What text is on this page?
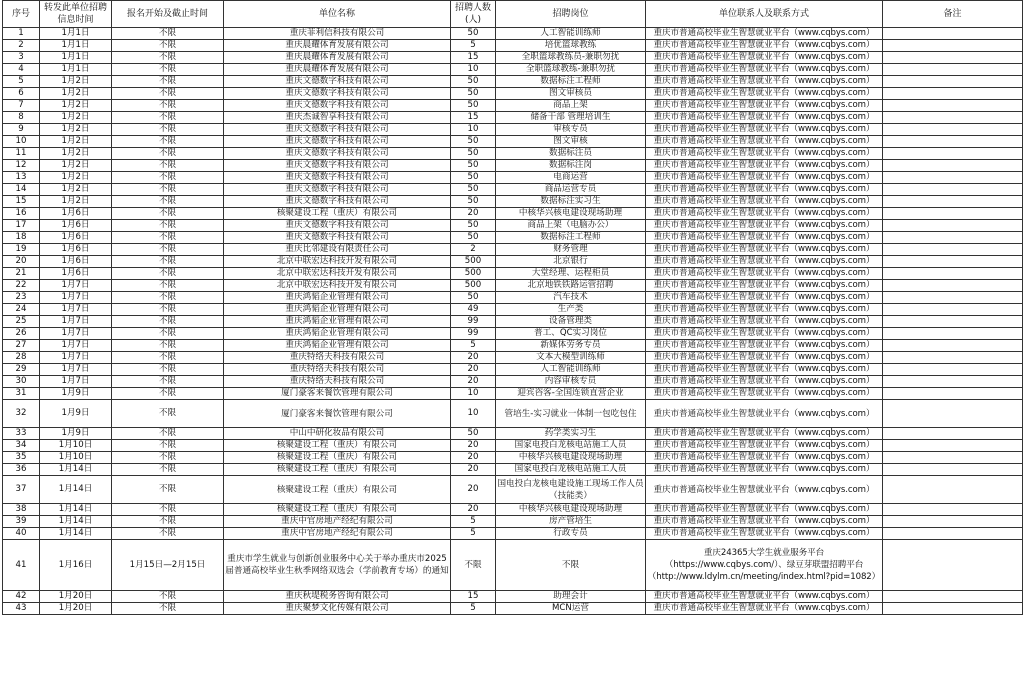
序号	转发此单位招聘信息时间	报名开始及截止时间	单位名称	招聘人数(人)	招聘岗位	单位联系人及联系方式	备注
1	1月1日	不限	重庆菲利信科技有限公司	50	人工智能训练师	重庆市普通高校毕业生智慧就业平台（www.cqbys.com）	
2	1月1日	不限	重庆晨耀体育发展有限公司	5	培优篮球教练	重庆市普通高校毕业生智慧就业平台（www.cqbys.com）	
3	1月1日	不限	重庆晨耀体育发展有限公司	15	全职篮球教练员-兼职勿扰	重庆市普通高校毕业生智慧就业平台（www.cqbys.com）	
4	1月1日	不限	重庆晨耀体育发展有限公司	10	全职篮球教练-兼职勿扰	重庆市普通高校毕业生智慧就业平台（www.cqbys.com）	
5	1月2日	不限	重庆文德数字科技有限公司	50	数据标注工程师	重庆市普通高校毕业生智慧就业平台（www.cqbys.com）	
6	1月2日	不限	重庆文德数字科技有限公司	50	图文审核员	重庆市普通高校毕业生智慧就业平台（www.cqbys.com）	
7	1月2日	不限	重庆文德数字科技有限公司	50	商品上架	重庆市普通高校毕业生智慧就业平台（www.cqbys.com）	
8	1月2日	不限	重庆杰诚智享科技有限公司	15	储备干部 管理培训生	重庆市普通高校毕业生智慧就业平台（www.cqbys.com）	
9	1月2日	不限	重庆文德数字科技有限公司	10	审核专员	重庆市普通高校毕业生智慧就业平台（www.cqbys.com）	
10	1月2日	不限	重庆文德数字科技有限公司	50	图文审核	重庆市普通高校毕业生智慧就业平台（www.cqbys.com）	
11	1月2日	不限	重庆文德数字科技有限公司	50	数据标注员	重庆市普通高校毕业生智慧就业平台（www.cqbys.com）	
12	1月2日	不限	重庆文德数字科技有限公司	50	数据标注岗	重庆市普通高校毕业生智慧就业平台（www.cqbys.com）	
13	1月2日	不限	重庆文德数字科技有限公司	50	电商运营	重庆市普通高校毕业生智慧就业平台（www.cqbys.com）	
14	1月2日	不限	重庆文德数字科技有限公司	50	商品运营专员	重庆市普通高校毕业生智慧就业平台（www.cqbys.com）	
15	1月2日	不限	重庆文德数字科技有限公司	50	数据标注实习生	重庆市普通高校毕业生智慧就业平台（www.cqbys.com）	
16	1月6日	不限	核聚建设工程（重庆）有限公司	20	中核华兴核电建设现场助理	重庆市普通高校毕业生智慧就业平台（www.cqbys.com）	
17	1月6日	不限	重庆文德数字科技有限公司	50	商品上架（电脑办公）	重庆市普通高校毕业生智慧就业平台（www.cqbys.com）	
18	1月6日	不限	重庆文德数字科技有限公司	50	数据标注工程师	重庆市普通高校毕业生智慧就业平台（www.cqbys.com）	
19	1月6日	不限	重庆比邻建设有限责任公司	2	财务管理	重庆市普通高校毕业生智慧就业平台（www.cqbys.com）	
20	1月6日	不限	北京中联宏达科技开发有限公司	500	北京银行	重庆市普通高校毕业生智慧就业平台（www.cqbys.com）	
21	1月6日	不限	北京中联宏达科技开发有限公司	500	大堂经理、运程柜员	重庆市普通高校毕业生智慧就业平台（www.cqbys.com）	
22	1月7日	不限	北京中联宏达科技开发有限公司	500	北京地铁铁路运管招聘	重庆市普通高校毕业生智慧就业平台（www.cqbys.com）	
23	1月7日	不限	重庆鸿韬企业管理有限公司	50	汽车技术	重庆市普通高校毕业生智慧就业平台（www.cqbys.com）	
24	1月7日	不限	重庆鸿韬企业管理有限公司	49	生产类	重庆市普通高校毕业生智慧就业平台（www.cqbys.com）	
25	1月7日	不限	重庆鸿韬企业管理有限公司	99	设备管理类	重庆市普通高校毕业生智慧就业平台（www.cqbys.com）	
26	1月7日	不限	重庆鸿韬企业管理有限公司	99	普工、QC实习岗位	重庆市普通高校毕业生智慧就业平台（www.cqbys.com）	
27	1月7日	不限	重庆鸿韬企业管理有限公司	5	新媒体劳务专员	重庆市普通高校毕业生智慧就业平台（www.cqbys.com）	
28	1月7日	不限	重庆特络夫科技有限公司	20	文本大模型训练师	重庆市普通高校毕业生智慧就业平台（www.cqbys.com）	
29	1月7日	不限	重庆特络夫科技有限公司	20	人工智能训练师	重庆市普通高校毕业生智慧就业平台（www.cqbys.com）	
30	1月7日	不限	重庆特络夫科技有限公司	20	内容审核专员	重庆市普通高校毕业生智慧就业平台（www.cqbys.com）	
31	1月9日	不限	厦门豪客来餐饮管理有限公司	10	迎宾咨客-全国连锁直营企业	重庆市普通高校毕业生智慧就业平台（www.cqbys.com）	
32	1月9日	不限	厦门豪客来餐饮管理有限公司	10	管培生-实习就业一体制一包吃包住	重庆市普通高校毕业生智慧就业平台（www.cqbys.com）	
33	1月9日	不限	中山中研化妆品有限公司	50	药学类实习生	重庆市普通高校毕业生智慧就业平台（www.cqbys.com）	
34	1月10日	不限	核聚建设工程（重庆）有限公司	20	国家电投白龙核电站施工人员	重庆市普通高校毕业生智慧就业平台（www.cqbys.com）	
35	1月10日	不限	核聚建设工程（重庆）有限公司	20	中核华兴核电建设现场助理	重庆市普通高校毕业生智慧就业平台（www.cqbys.com）	
36	1月14日	不限	核聚建设工程（重庆）有限公司	20	国家电投白龙核电站施工人员	重庆市普通高校毕业生智慧就业平台（www.cqbys.com）	
37	1月14日	不限	核聚建设工程（重庆）有限公司	20	国电投白龙核电建设施工现场工作人员（技能类）	重庆市普通高校毕业生智慧就业平台（www.cqbys.com）	
38	1月14日	不限	核聚建设工程（重庆）有限公司	20	中核华兴核电建设现场助理	重庆市普通高校毕业生智慧就业平台（www.cqbys.com）	
39	1月14日	不限	重庆中官房地产经纪有限公司	5	房产管培生	重庆市普通高校毕业生智慧就业平台（www.cqbys.com）	
40	1月14日	不限	重庆中官房地产经纪有限公司	5	行政专员	重庆市普通高校毕业生智慧就业平台（www.cqbys.com）	
41	1月16日	1月15日—2月15日	重庆市学生就业与创新创业服务中心关于举办重庆市2025届普通高校毕业生秋季网络双选会（学前教育专场）的通知	不限	不限	重庆24365大学生就业服务平台（https://www.cqbys.com/）、绿豆芽联盟招聘平台（http://www.ldylm.cn/meeting/index.html?pid=1082）	
42	1月20日	不限	重庆秋堤税务咨询有限公司	15	助理会计	重庆市普通高校毕业生智慧就业平台（www.cqbys.com）	
43	1月20日	不限	重庆聚梦文化传媒有限公司	5	MCN运营	重庆市普通高校毕业生智慧就业平台（www.cqbys.com）	
